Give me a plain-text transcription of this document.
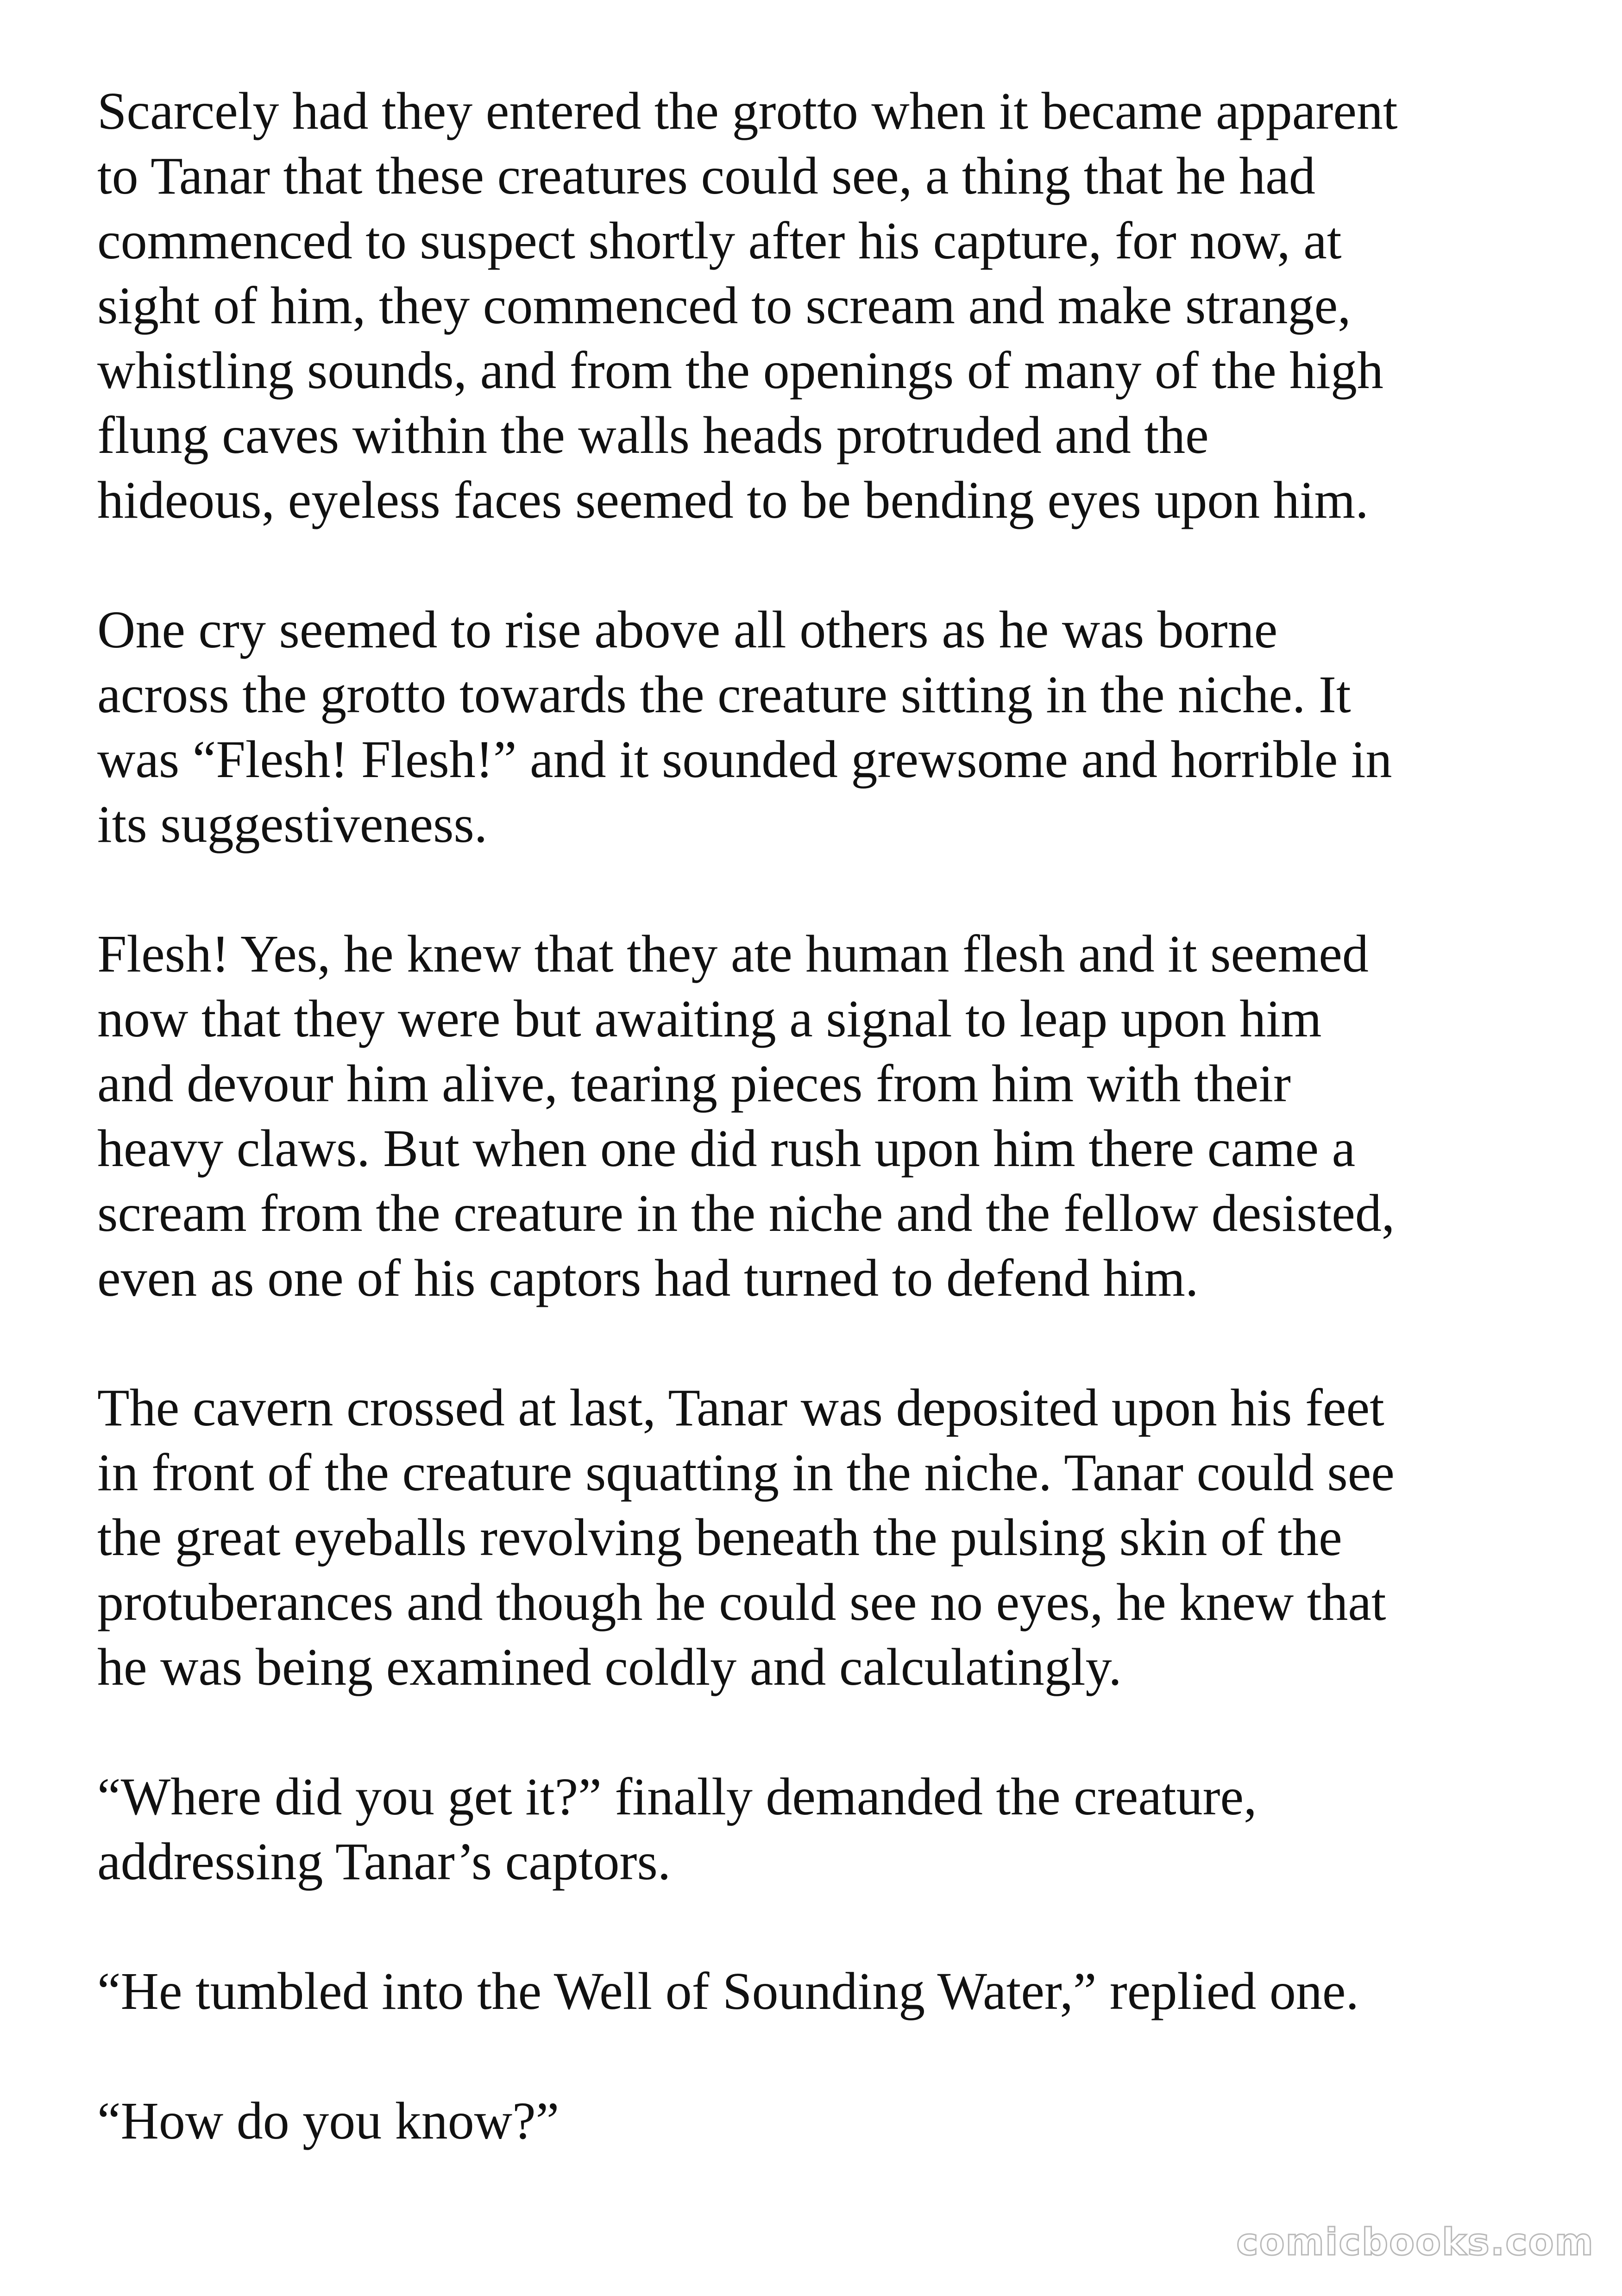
Scarcely had they entered the grotto when it became apparent
to Tanar that these creatures could see, a thing that he had
commenced to suspect shortly after his capture, for now, at
sight of him, they commenced to scream and make strange,
whistling sounds, and from the openings of many of the high
flung caves within the walls heads protruded and the
hideous, eyeless faces seemed to be bending eyes upon him.

One cry seemed to rise above all others as he was borne
across the grotto towards the creature sitting in the niche. It
was “Flesh! Flesh!” and it sounded grewsome and horrible in
its suggestiveness.

Flesh! Yes, he knew that they ate human flesh and it seemed
now that they were but awaiting a signal to leap upon him
and devour him alive, tearing pieces from him with their
heavy claws. But when one did rush upon him there came a
scream from the creature in the niche and the fellow desisted,
even as one of his captors had turned to defend him.

The cavern crossed at last, Tanar was deposited upon his feet
in front of the creature squatting in the niche. Tanar could see
the great eyeballs revolving beneath the pulsing skin of the
protuberances and though he could see no eyes, he knew that
he was being examined coldly and calculatingly.

“Where did you get it?” finally demanded the creature,
addressing Tanar’s captors.

“He tumbled into the Well of Sounding Water,” replied one.

“How do you know?”

comicbooks.com
